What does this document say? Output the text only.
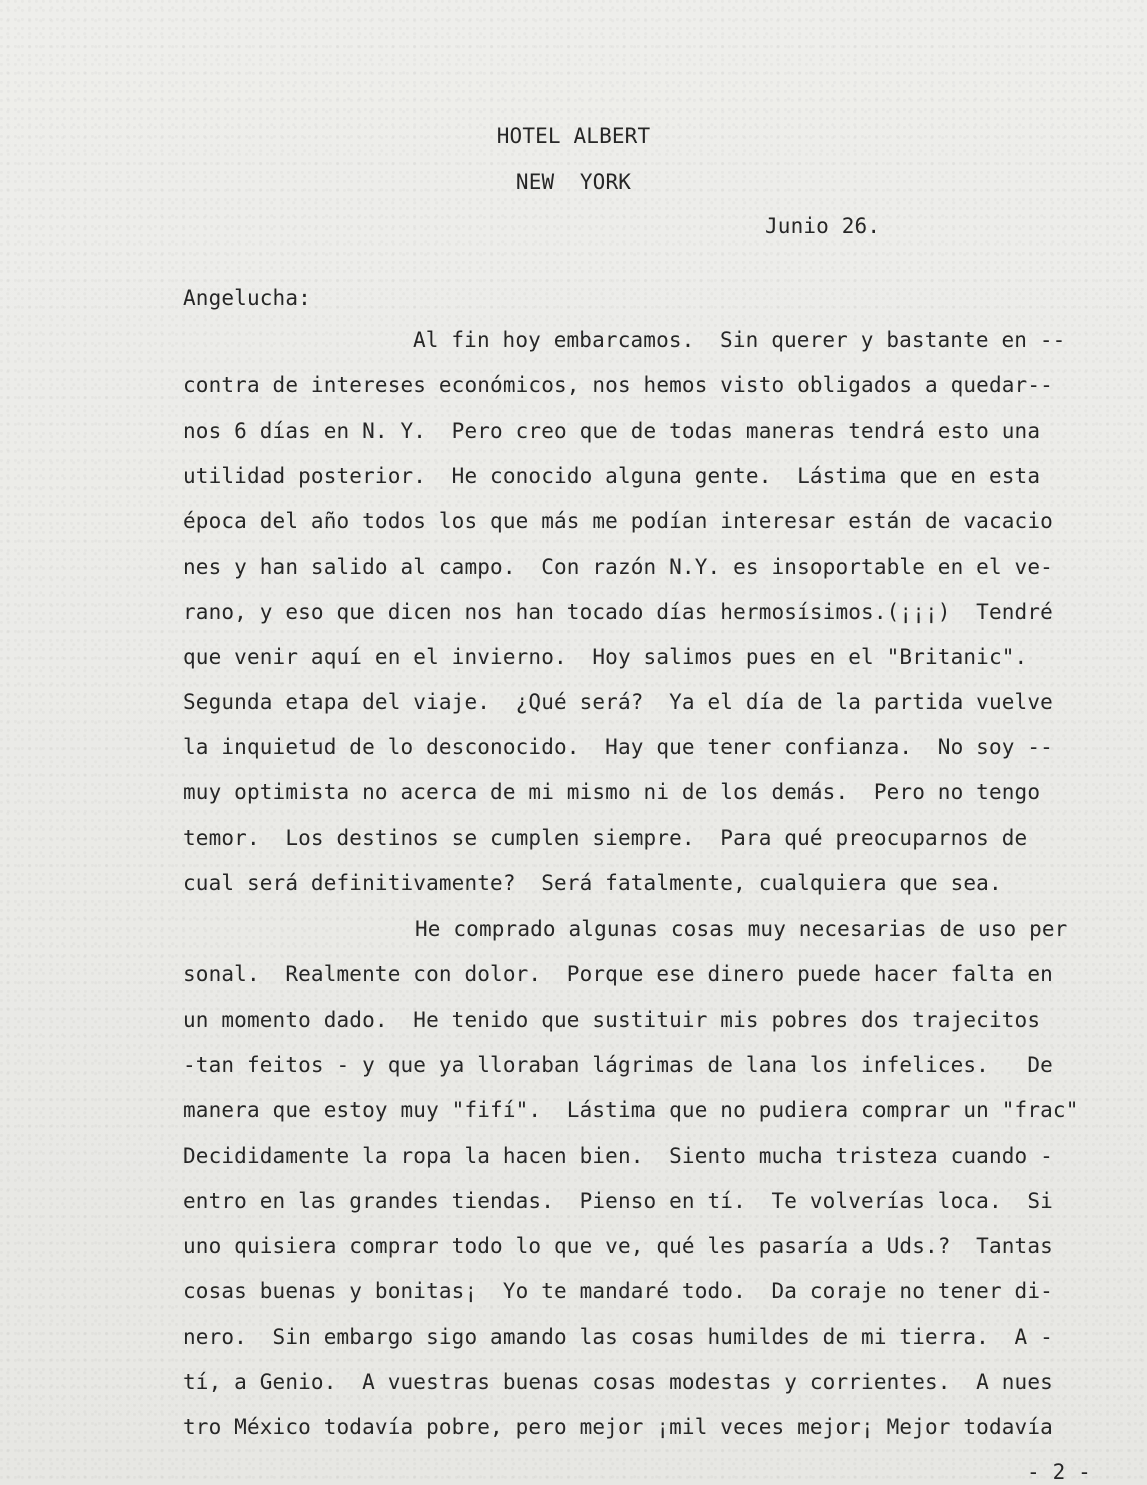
HOTEL ALBERT

NEW  YORK

Junio 26.

Angelucha:

Al fin hoy embarcamos.  Sin querer y bastante en --

contra de intereses económicos, nos hemos visto obligados a quedar--

nos 6 días en N. Y.  Pero creo que de todas maneras tendrá esto una

utilidad posterior.  He conocido alguna gente.  Lástima que en esta

época del año todos los que más me podían interesar están de vacacio

nes y han salido al campo.  Con razón N.Y. es insoportable en el ve-

rano, y eso que dicen nos han tocado días hermosísimos.(¡¡¡)  Tendré

que venir aquí en el invierno.  Hoy salimos pues en el "Britanic".

Segunda etapa del viaje.  ¿Qué será?  Ya el día de la partida vuelve

la inquietud de lo desconocido.  Hay que tener confianza.  No soy --

muy optimista no acerca de mi mismo ni de los demás.  Pero no tengo

temor.  Los destinos se cumplen siempre.  Para qué preocuparnos de

cual será definitivamente?  Será fatalmente, cualquiera que sea.

He comprado algunas cosas muy necesarias de uso per

sonal.  Realmente con dolor.  Porque ese dinero puede hacer falta en

un momento dado.  He tenido que sustituir mis pobres dos trajecitos

-tan feitos - y que ya lloraban lágrimas de lana los infelices.   De

manera que estoy muy "fifí".  Lástima que no pudiera comprar un "frac"

Decididamente la ropa la hacen bien.  Siento mucha tristeza cuando -

entro en las grandes tiendas.  Pienso en tí.  Te volverías loca.  Si

uno quisiera comprar todo lo que ve, qué les pasaría a Uds.?  Tantas

cosas buenas y bonitas¡  Yo te mandaré todo.  Da coraje no tener di-

nero.  Sin embargo sigo amando las cosas humildes de mi tierra.  A -

tí, a Genio.  A vuestras buenas cosas modestas y corrientes.  A nues

tro México todavía pobre, pero mejor ¡mil veces mejor¡ Mejor todavía

- 2 -
